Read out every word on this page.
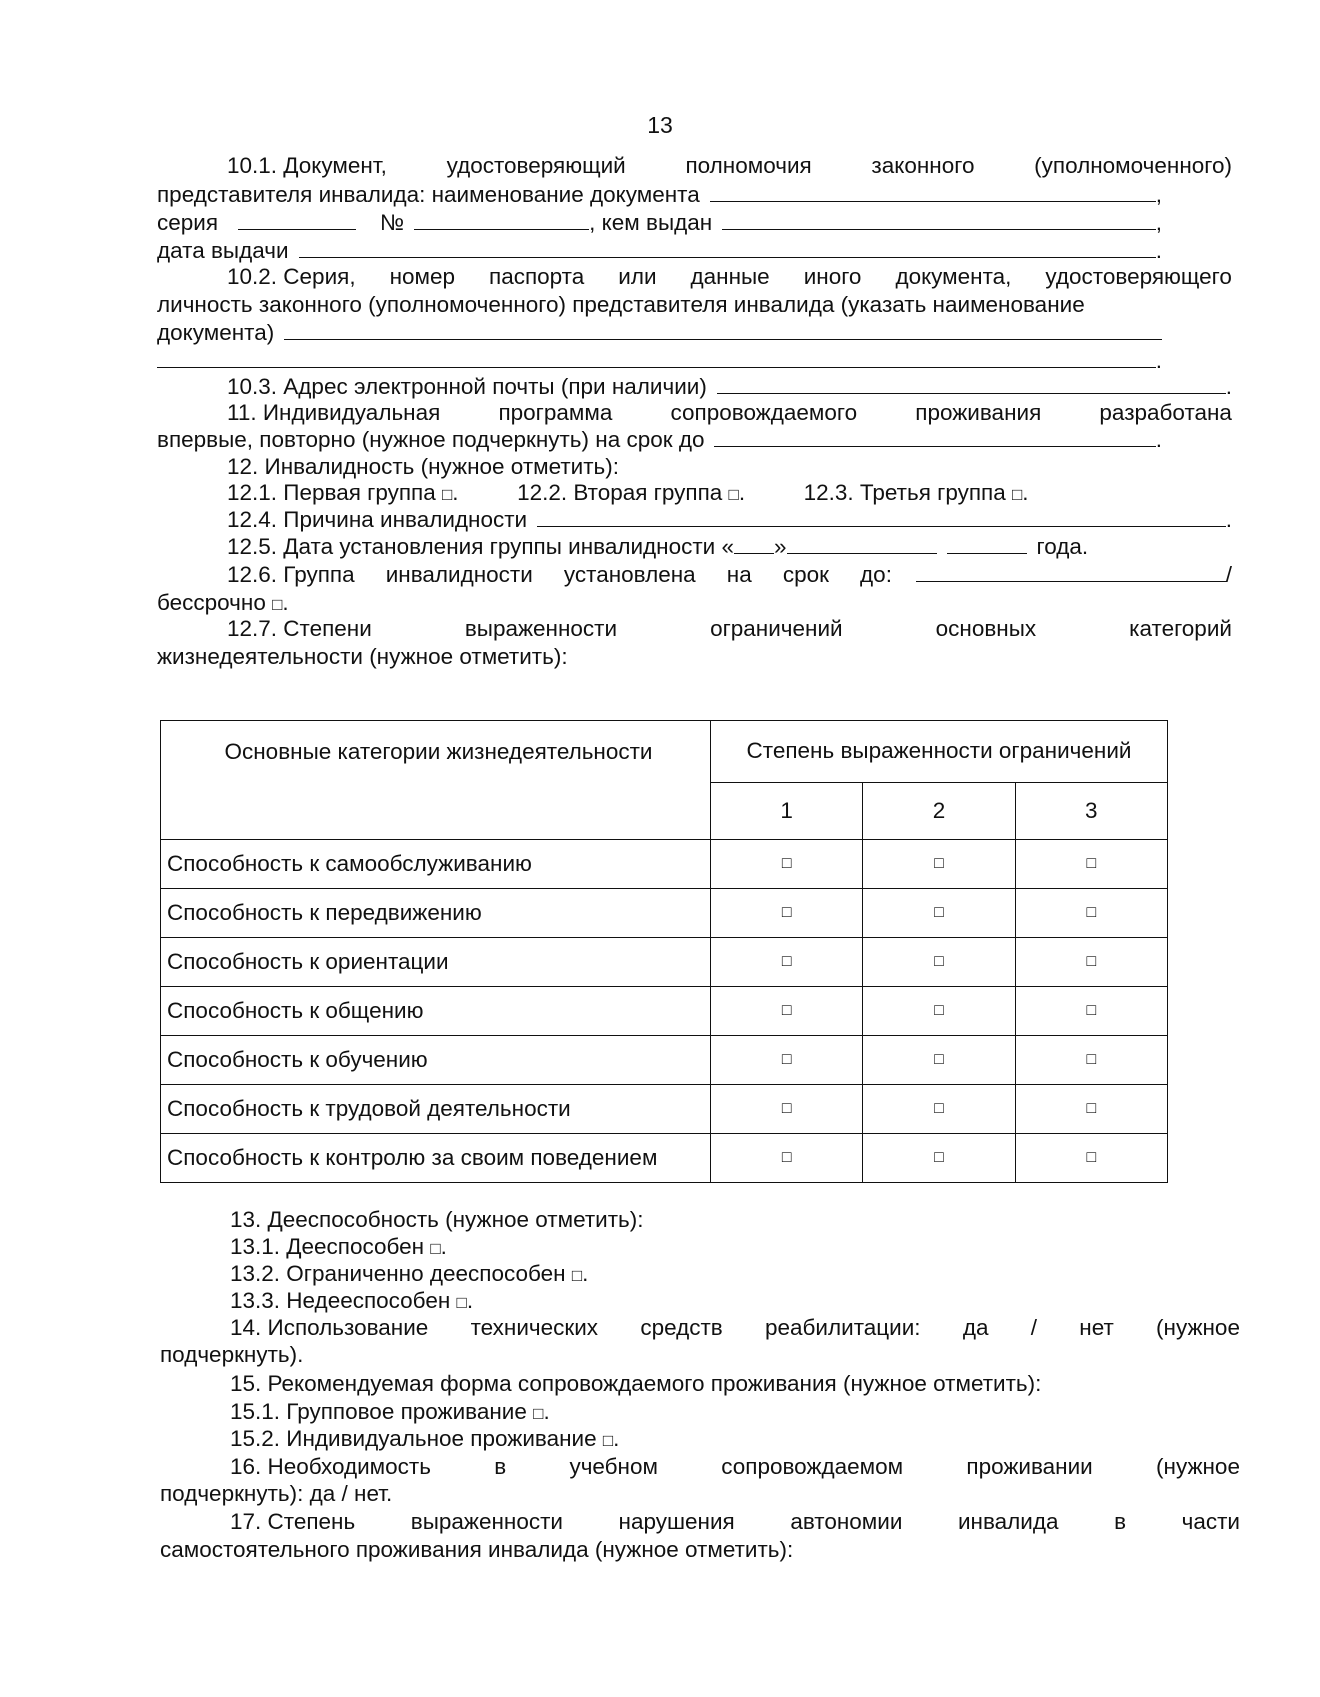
13
10.1. Документ,	удостоверяющий	полномочия	законного	(уполномоченного)
представителя инвалида: наименование документа	,
серия	№	, кем выдан	,
дата выдачи	.
10.2. Серия, номер паспорта или данные иного документа, удостоверяющего
личность законного (уполномоченного) представителя инвалида (указать наименование
документа)
.
10.3. Адрес электронной почты (при наличии)	.
11. Индивидуальная	программа	сопровождаемого	проживания	разработана
впервые, повторно (нужное подчеркнуть) на срок до	.
12. Инвалидность (нужное отметить):
12.1. Первая группа □.	12.2. Вторая группа □.	12.3. Третья группа □.
12.4. Причина инвалидности	.
12.5. Дата установления группы инвалидности « »	года.
12.6. Группа инвалидности установлена на срок до:	/
бессрочно □.
12.7. Степени	выраженности	ограничений	основных	категорий
жизнедеятельности (нужное отметить):
Основные категории жизнедеятельности	Степень выраженности ограничений		
	1	2	3
Способность к самообслуживанию	□	□	□
Способность к передвижению	□	□	□
Способность к ориентации	□	□	□
Способность к общению	□	□	□
Способность к обучению	□	□	□
Способность к трудовой деятельности	□	□	□
Способность к контролю за своим поведением	□	□	□
13. Дееспособность (нужное отметить):
13.1. Дееспособен □.
13.2. Ограниченно дееспособен □.
13.3. Недееспособен □.
14. Использование технических средств реабилитации: да / нет (нужное
подчеркнуть).
15. Рекомендуемая форма сопровождаемого проживания (нужное отметить):
15.1. Групповое проживание □.
15.2. Индивидуальное проживание □.
16. Необходимость	в	учебном	сопровождаемом	проживании	(нужное
подчеркнуть): да / нет.
17. Степень выраженности нарушения автономии инвалида в части
самостоятельного проживания инвалида (нужное отметить):
